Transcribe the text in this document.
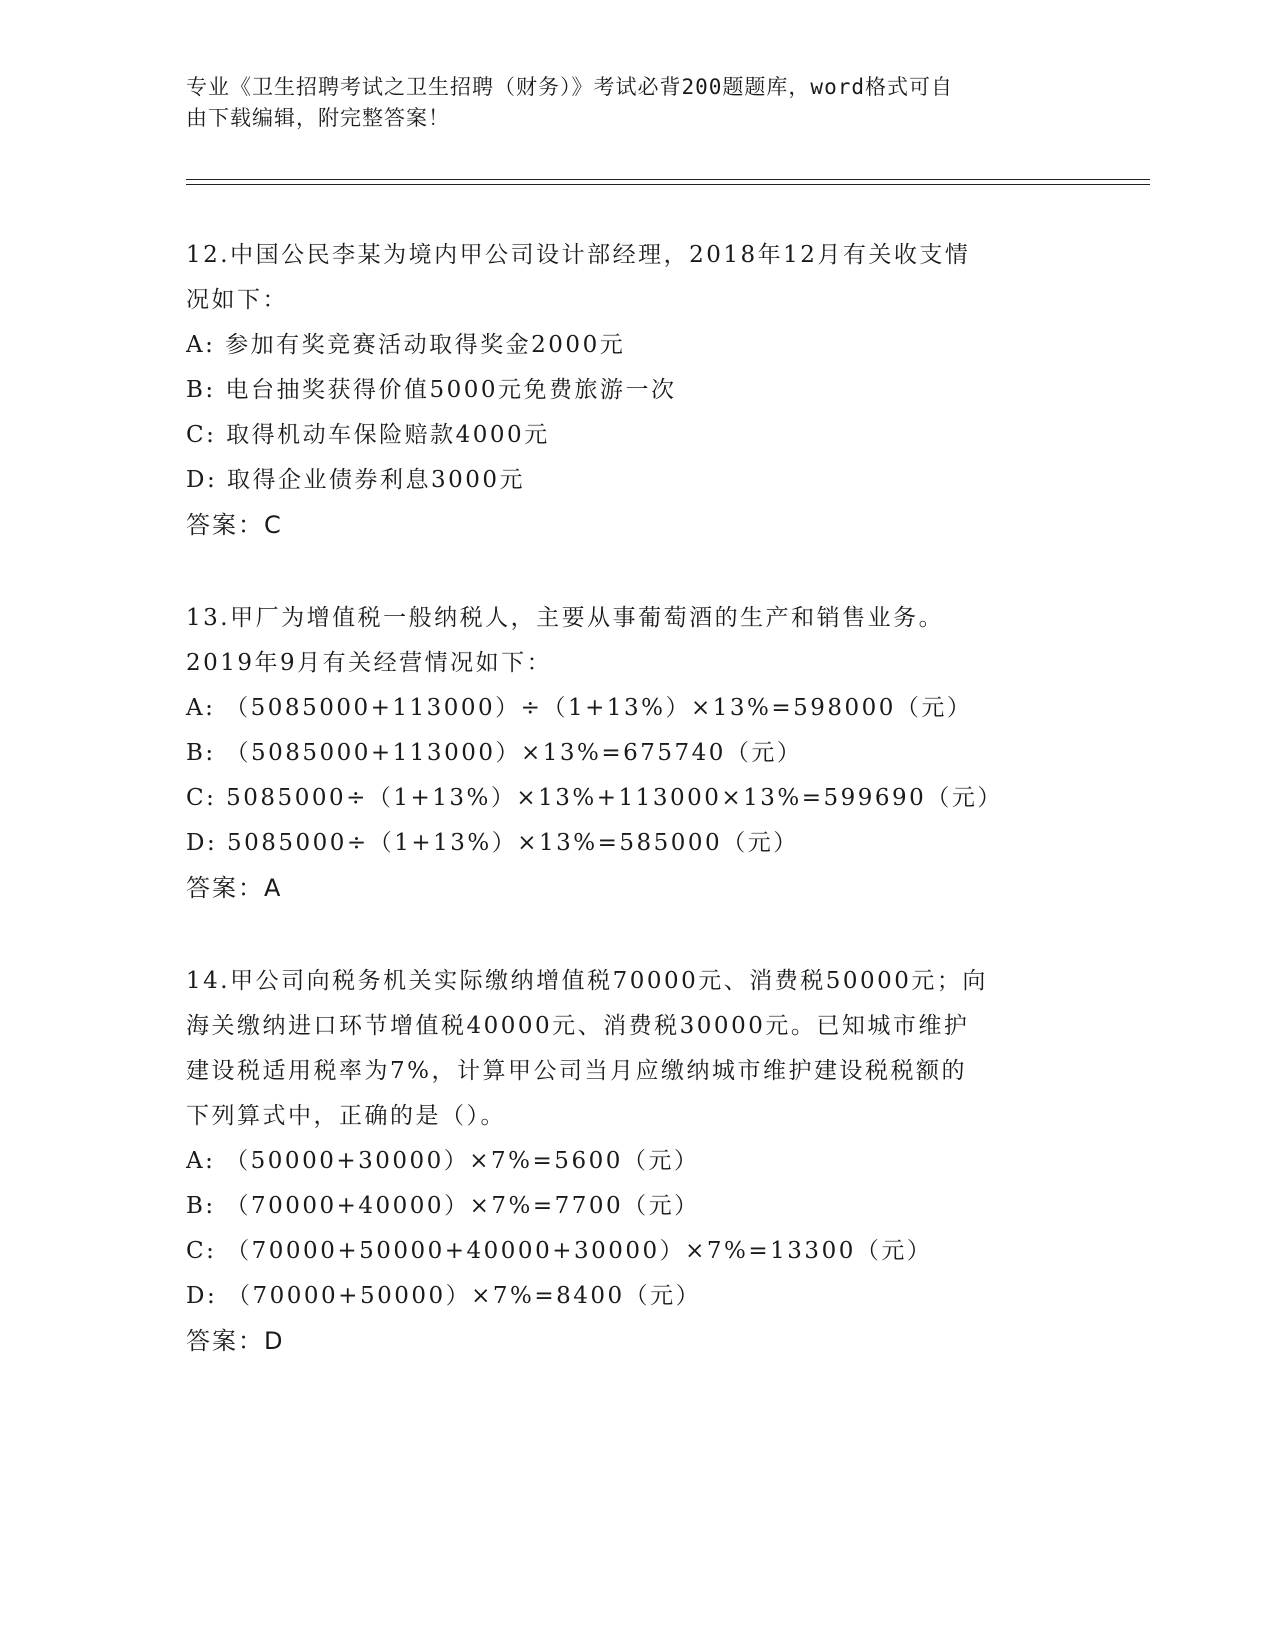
专业《卫生招聘考试之卫生招聘（财务）》考试必背200题题库，word格式可自
由下载编辑，附完整答案！

12.中国公民李某为境内甲公司设计部经理，2018年12月有关收支情

况如下：

A: 参加有奖竞赛活动取得奖金2000元

B: 电台抽奖获得价值5000元免费旅游一次

C: 取得机动车保险赔款4000元

D: 取得企业债券利息3000元

答案：C

13.甲厂为增值税一般纳税人，主要从事葡萄酒的生产和销售业务。

2019年9月有关经营情况如下：

A: （5085000+113000）÷（1+13%）×13%=598000（元）

B: （5085000+113000）×13%=675740（元）

C: 5085000÷（1+13%）×13%+113000×13%=599690（元）

D: 5085000÷（1+13%）×13%=585000（元）

答案：A

14.甲公司向税务机关实际缴纳增值税70000元、消费税50000元；向

海关缴纳进口环节增值税40000元、消费税30000元。已知城市维护

建设税适用税率为7%，计算甲公司当月应缴纳城市维护建设税税额的

下列算式中，正确的是（）。

A: （50000+30000）×7%=5600（元）

B: （70000+40000）×7%=7700（元）

C: （70000+50000+40000+30000）×7%=13300（元）

D: （70000+50000）×7%=8400（元）

答案：D
